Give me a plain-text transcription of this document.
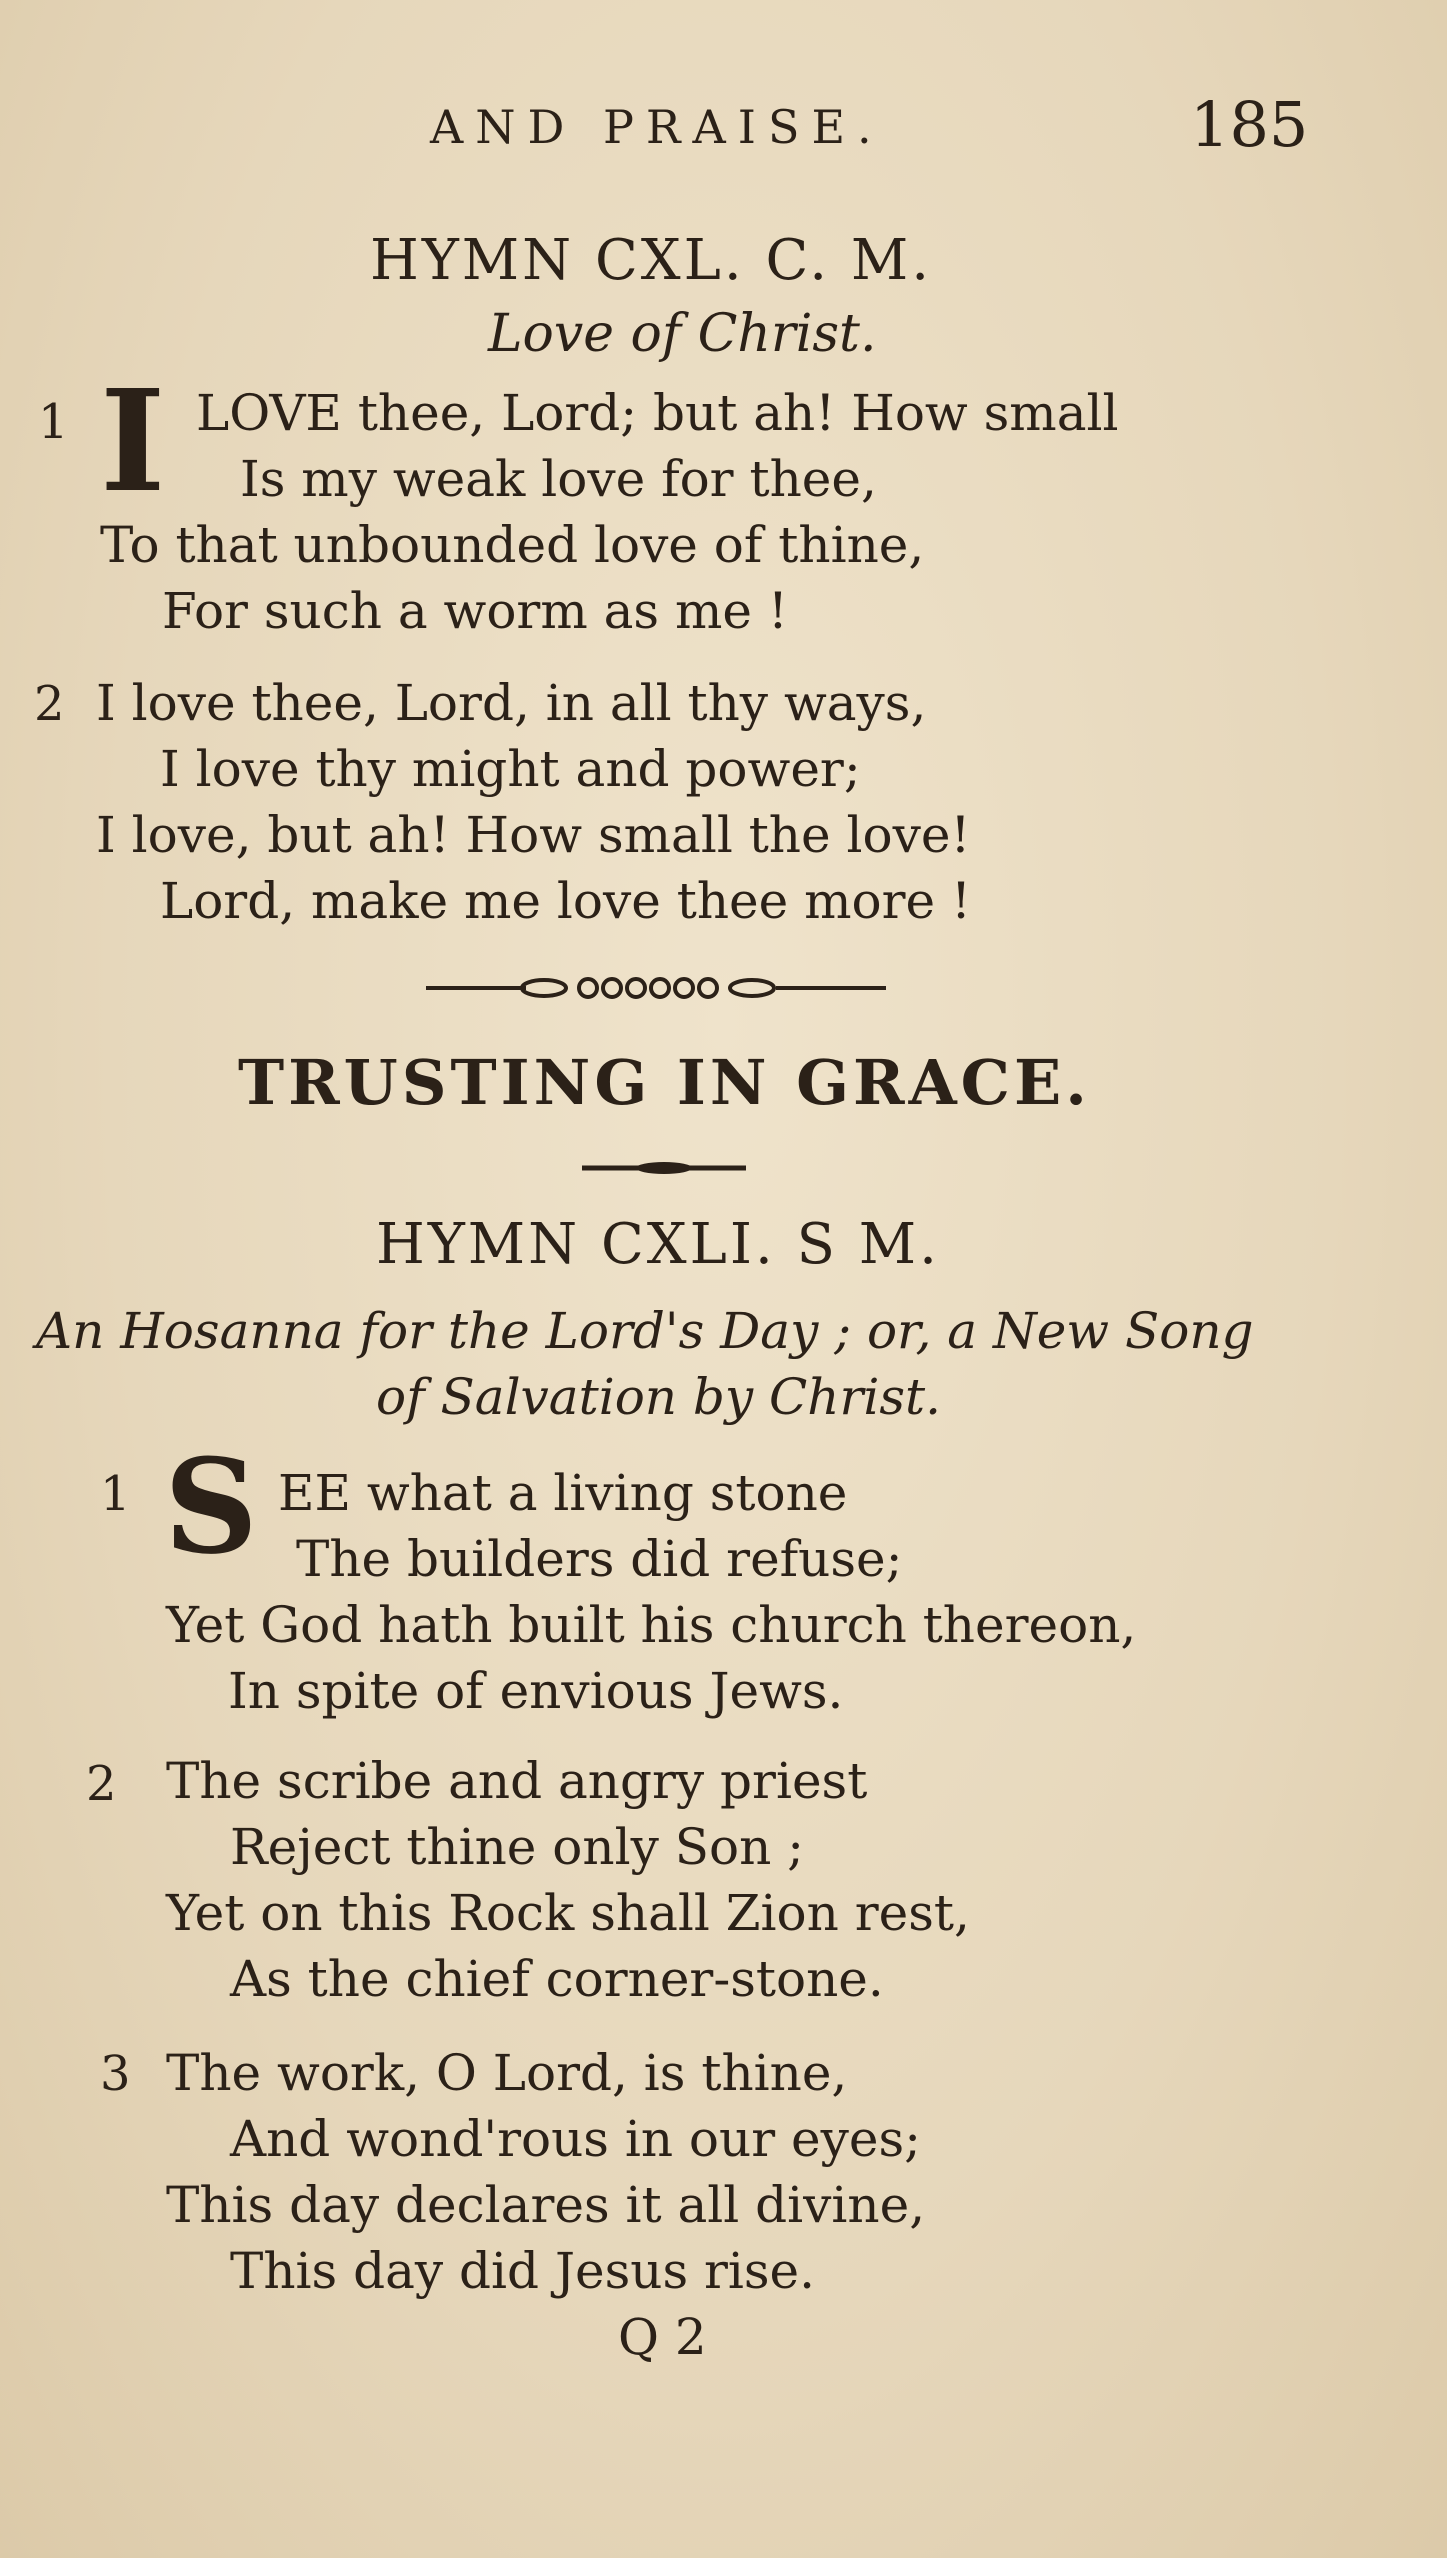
AND PRAISE.	185
HYMN CXL. C. M.
Love of Christ.
1 I LOVE thee, Lord; but ah! How small
Is my weak love for thee,
To that unbounded love of thine,
For such a worm as me !
2 I love thee, Lord, in all thy ways,
I love thy might and power;
I love, but ah! How small the love!
Lord, make me love thee more !
TRUSTING IN GRACE.
HYMN CXLI. S M.
An Hosanna for the Lord's Day ; or, a New Song
of Salvation by Christ.
1 S EE what a living stone
The builders did refuse;
Yet God hath built his church thereon,
In spite of envious Jews.
2 The scribe and angry priest
Reject thine only Son ;
Yet on this Rock shall Zion rest,
As the chief corner-stone.
3 The work, O Lord, is thine,
And wond'rous in our eyes;
This day declares it all divine,
This day did Jesus rise.
Q 2
